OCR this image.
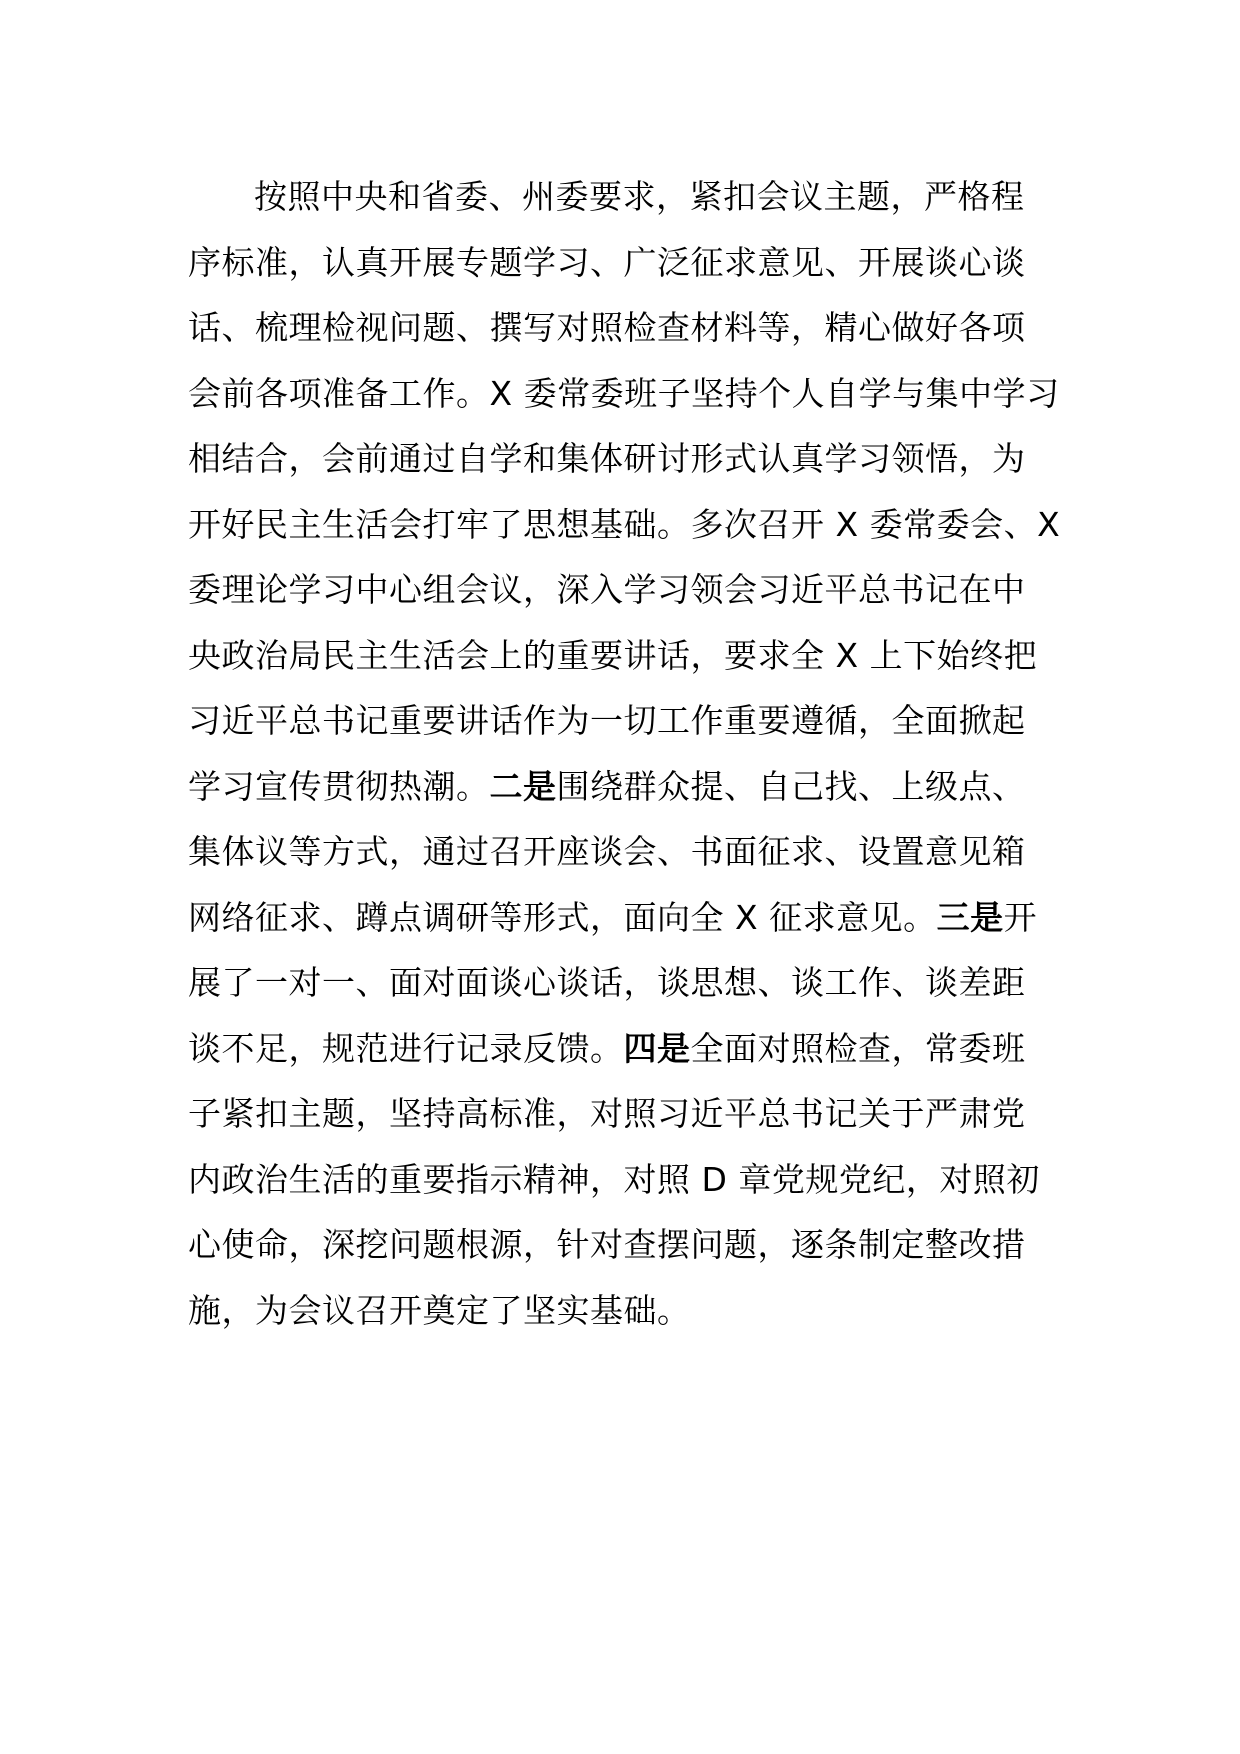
按照中央和省委、州委要求，紧扣会议主题，严格程
序标准，认真开展专题学习、广泛征求意见、开展谈心谈
话、梳理检视问题、撰写对照检查材料等，精心做好各项
会前各项准备工作。X 委常委班子坚持个人自学与集中学习
相结合，会前通过自学和集体研讨形式认真学习领悟，为
开好民主生活会打牢了思想基础。多次召开 X 委常委会、X
委理论学习中心组会议，深入学习领会习近平总书记在中
央政治局民主生活会上的重要讲话，要求全 X 上下始终把
习近平总书记重要讲话作为一切工作重要遵循，全面掀起
学习宣传贯彻热潮。二是围绕群众提、自己找、上级点、
集体议等方式，通过召开座谈会、书面征求、设置意见箱
网络征求、蹲点调研等形式，面向全 X 征求意见。三是开
展了一对一、面对面谈心谈话，谈思想、谈工作、谈差距
谈不足，规范进行记录反馈。四是全面对照检查，常委班
子紧扣主题，坚持高标准，对照习近平总书记关于严肃党
内政治生活的重要指示精神，对照 D 章党规党纪，对照初
心使命，深挖问题根源，针对查摆问题，逐条制定整改措
施，为会议召开奠定了坚实基础。
